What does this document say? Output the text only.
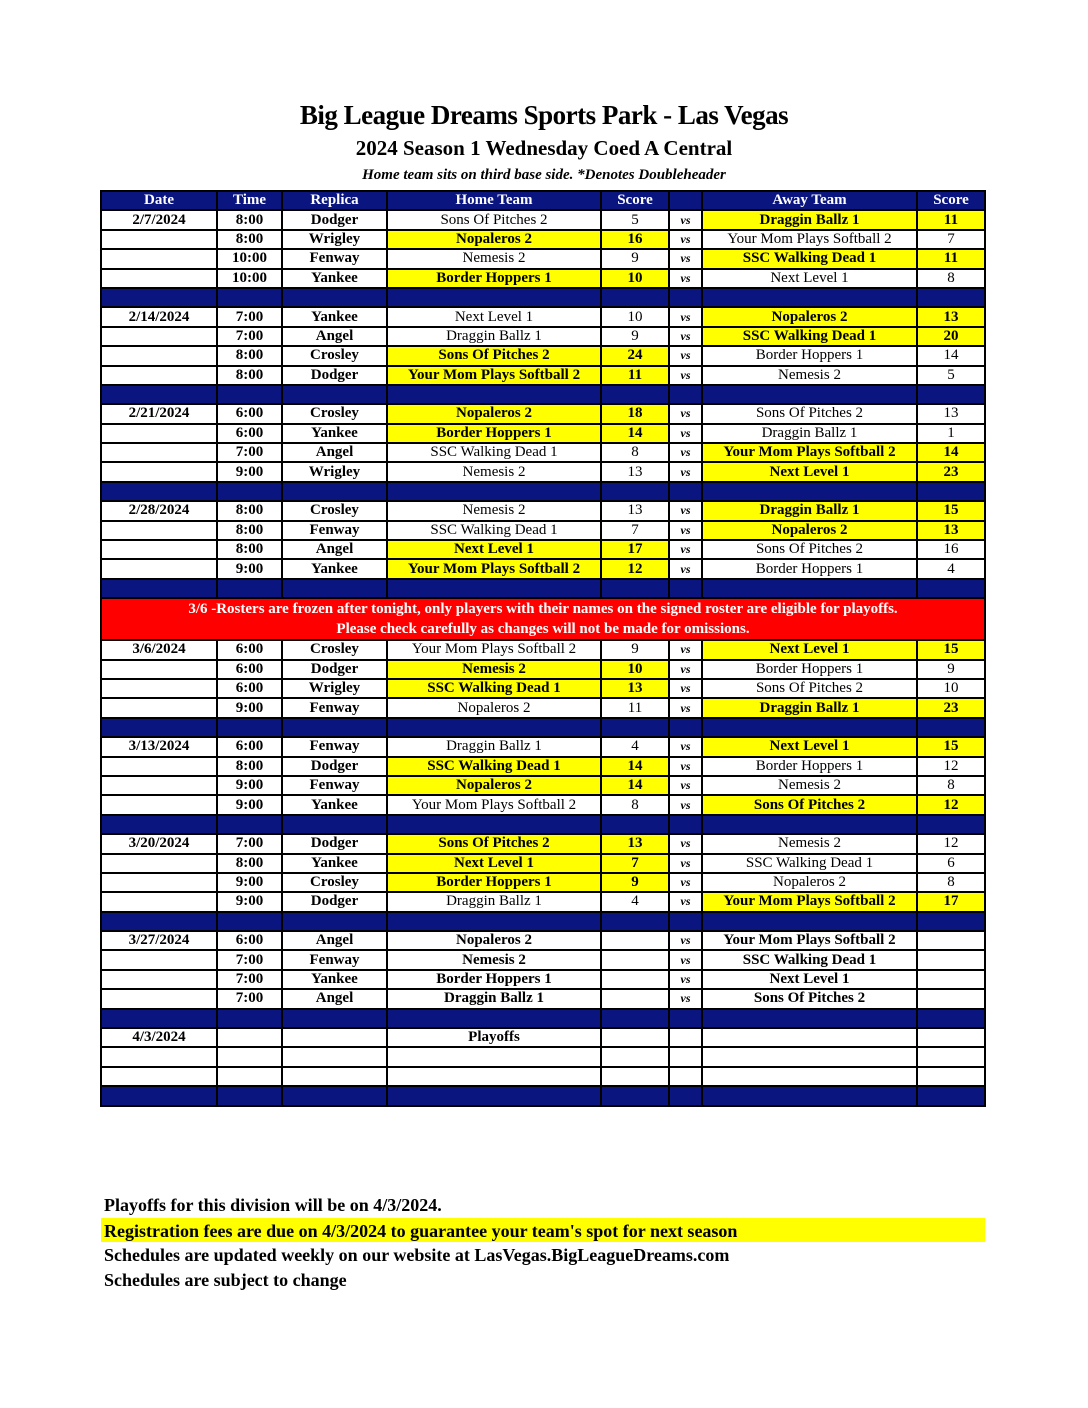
Big League Dreams Sports Park - Las Vegas
2024 Season 1 Wednesday Coed A Central
Home team sits on third base side. *Denotes Doubleheader
Date	Time	Replica	Home Team	Score		Away Team	Score
2/7/2024	8:00	Dodger	Sons Of Pitches 2	5	vs	Draggin Ballz 1	11
	8:00	Wrigley	Nopaleros 2	16	vs	Your Mom Plays Softball 2	7
	10:00	Fenway	Nemesis 2	9	vs	SSC Walking Dead 1	11
	10:00	Yankee	Border Hoppers 1	10	vs	Next Level 1	8

2/14/2024	7:00	Yankee	Next Level 1	10	vs	Nopaleros 2	13
	7:00	Angel	Draggin Ballz 1	9	vs	SSC Walking Dead 1	20
	8:00	Crosley	Sons Of Pitches 2	24	vs	Border Hoppers 1	14
	8:00	Dodger	Your Mom Plays Softball 2	11	vs	Nemesis 2	5

2/21/2024	6:00	Crosley	Nopaleros 2	18	vs	Sons Of Pitches 2	13
	6:00	Yankee	Border Hoppers 1	14	vs	Draggin Ballz 1	1
	7:00	Angel	SSC Walking Dead 1	8	vs	Your Mom Plays Softball 2	14
	9:00	Wrigley	Nemesis 2	13	vs	Next Level 1	23

2/28/2024	8:00	Crosley	Nemesis 2	13	vs	Draggin Ballz 1	15
	8:00	Fenway	SSC Walking Dead 1	7	vs	Nopaleros 2	13
	8:00	Angel	Next Level 1	17	vs	Sons Of Pitches 2	16
	9:00	Yankee	Your Mom Plays Softball 2	12	vs	Border Hoppers 1	4

3/6 -Rosters are frozen after tonight, only players with their names on the signed roster are eligible for playoffs.
Please check carefully as changes will not be made for omissions.							

3/6/2024	6:00	Crosley	Your Mom Plays Softball 2	9	vs	Next Level 1	15
	6:00	Dodger	Nemesis 2	10	vs	Border Hoppers 1	9
	6:00	Wrigley	SSC Walking Dead 1	13	vs	Sons Of Pitches 2	10
	9:00	Fenway	Nopaleros 2	11	vs	Draggin Ballz 1	23

3/13/2024	6:00	Fenway	Draggin Ballz 1	4	vs	Next Level 1	15
	8:00	Dodger	SSC Walking Dead 1	14	vs	Border Hoppers 1	12
	9:00	Fenway	Nopaleros 2	14	vs	Nemesis 2	8
	9:00	Yankee	Your Mom Plays Softball 2	8	vs	Sons Of Pitches 2	12

3/20/2024	7:00	Dodger	Sons Of Pitches 2	13	vs	Nemesis 2	12
	8:00	Yankee	Next Level 1	7	vs	SSC Walking Dead 1	6
	9:00	Crosley	Border Hoppers 1	9	vs	Nopaleros 2	8
	9:00	Dodger	Draggin Ballz 1	4	vs	Your Mom Plays Softball 2	17

3/27/2024	6:00	Angel	Nopaleros 2		vs	Your Mom Plays Softball 2	
	7:00	Fenway	Nemesis 2		vs	SSC Walking Dead 1	
	7:00	Yankee	Border Hoppers 1		vs	Next Level 1	
	7:00	Angel	Draggin Ballz 1		vs	Sons Of Pitches 2	

4/3/2024			Playoffs				

Playoffs for this division will be on 4/3/2024.
Registration fees are due on 4/3/2024 to guarantee your team's spot for next season
Schedules are updated weekly on our website at LasVegas.BigLeagueDreams.com
Schedules are subject to change
